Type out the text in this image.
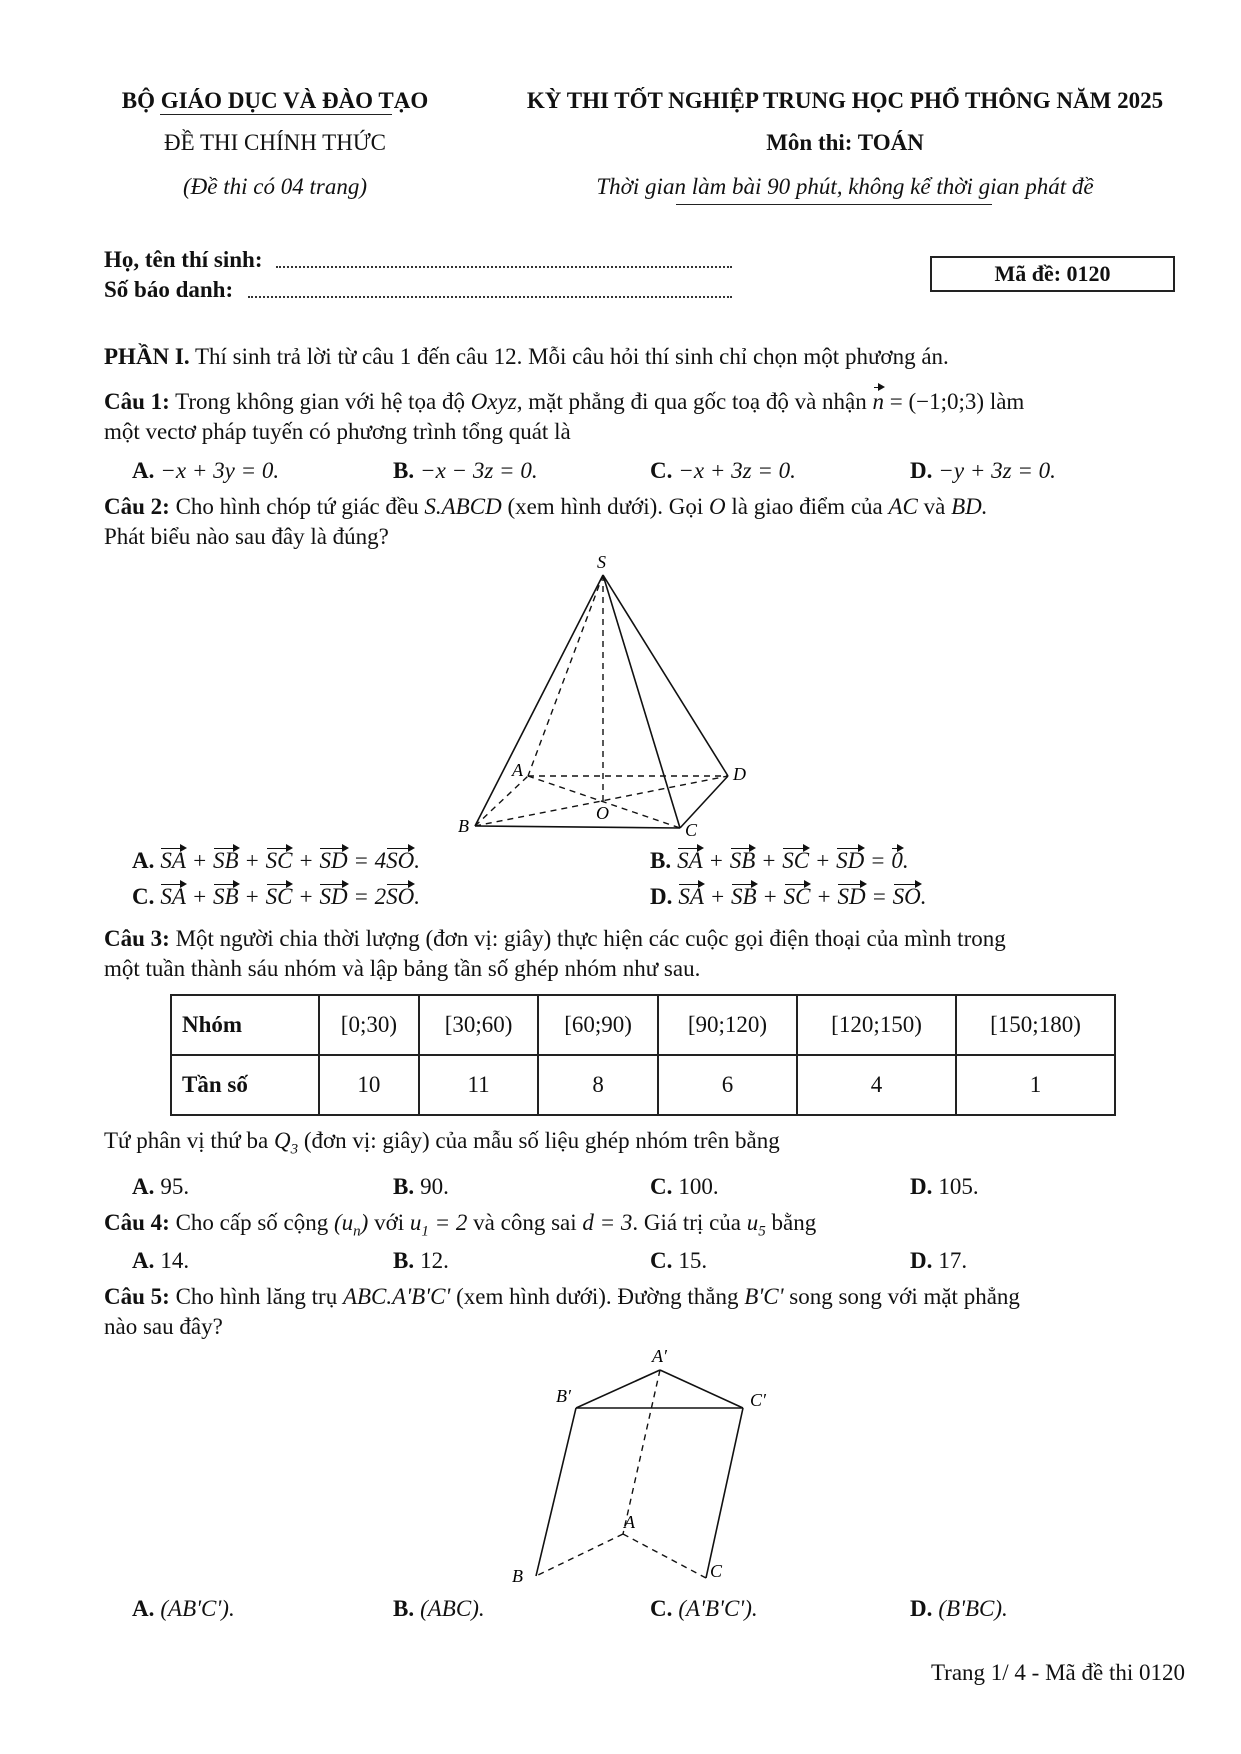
BỘ GIÁO DỤC VÀ ĐÀO TẠO
ĐỀ THI CHÍNH THỨC
(Đề thi có 04 trang)
KỲ THI TỐT NGHIỆP TRUNG HỌC PHỔ THÔNG NĂM 2025
Môn thi: TOÁN
Thời gian làm bài 90 phút, không kể thời gian phát đề
Họ, tên thí sinh:
Số báo danh:
Mã đề: 0120
PHẦN I. Thí sinh trả lời từ câu 1 đến câu 12. Mỗi câu hỏi thí sinh chỉ chọn một phương án.
Câu 1: Trong không gian với hệ tọa độ Oxyz, mặt phẳng đi qua gốc toạ độ và nhận n = (−1;0;3) làm
một vectơ pháp tuyến có phương trình tổng quát là
A. −x + 3y = 0.	B. −x − 3z = 0.	C. −x + 3z = 0.	D. −y + 3z = 0.
Câu 2: Cho hình chóp tứ giác đều S.ABCD (xem hình dưới). Gọi O là giao điểm của AC và BD.
Phát biểu nào sau đây là đúng?
S
A
B	C
D
O
A. SA + SB + SC + SD = 4SO.	B. SA + SB + SC + SD = 0.
C. SA + SB + SC + SD = 2SO.	D. SA + SB + SC + SD = SO.
Câu 3: Một người chia thời lượng (đơn vị: giây) thực hiện các cuộc gọi điện thoại của mình trong
một tuần thành sáu nhóm và lập bảng tần số ghép nhóm như sau.
Nhóm	[0;30)	[30;60)	[60;90)	[90;120)	[120;150)	[150;180)
Tần số	10	11	8	6	4	1
Tứ phân vị thứ ba $Q_3$ (đơn vị: giây) của mẫu số liệu ghép nhóm trên bằng
A. 95.	B. 90.	C. 100.	D. 105.
Câu 4: Cho cấp số cộng $(u_n)$ với $u_1 = 2$ và công sai d = 3. Giá trị của $u_5$ bằng
A. 14.	B. 12.	C. 15.	D. 17.
Câu 5: Cho hình lăng trụ ABC.A'B'C' (xem hình dưới). Đường thẳng B'C' song song với mặt phẳng
nào sau đây?
A′
B′	C′
A
B	C
A. (AB'C').	B. (ABC).	C. (A'B'C').	D. (B'BC).
Trang 1/ 4 - Mã đề thi 0120
